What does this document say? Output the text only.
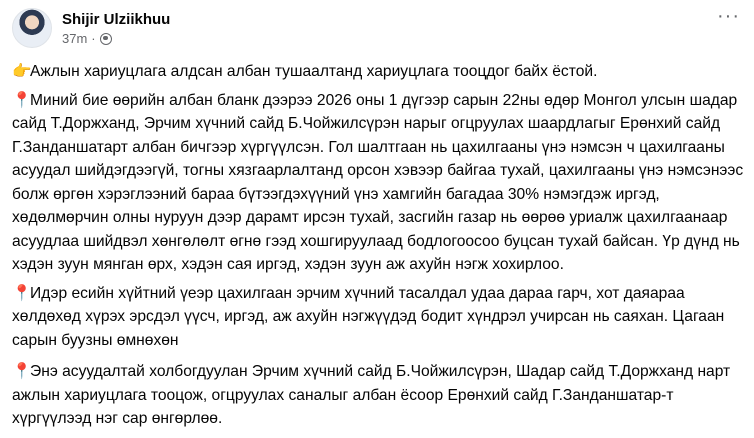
Shijir Ulziikhuu
37m ·
···

👉Ажлын хариуцлага алдсан албан тушаалтанд хариуцлага тооцдог байх ёстой.

📍Миний бие өөрийн албан бланк дээрээ 2026 оны 1 дүгээр сарын 22ны өдөр Монгол улсын шадар сайд Т.Доржханд, Эрчим хүчний сайд Б.Чойжилсүрэн нарыг огцруулах шаардлагыг Ерөнхий сайд Г.Занданшатарт албан бичгээр хүргүүлсэн. Гол шалтгаан нь цахилгааны үнэ нэмсэн ч цахилгааны асуудал шийдэгдээгүй, тогны хязгаарлалтанд орсон хэвээр байгаа тухай, цахилгааны үнэ нэмсэнээс болж өргөн хэрэглээний бараа бүтээгдэхүүний үнэ хамгийн багадаа 30% нэмэгдэж иргэд, хөдөлмөрчин олны нуруун дээр дарамт ирсэн тухай, засгийн газар нь өөрөө уриалж цахилгаанаар асуудлаа шийдвэл хөнгөлөлт өгнө гээд хошгируулаад бодлогоосоо буцсан тухай байсан. Үр дүнд нь хэдэн зуун мянган өрх, хэдэн сая иргэд, хэдэн зуун аж ахуйн нэгж хохирлоо.

📍Идэр есийн хүйтний үеэр цахилгаан эрчим хүчний тасалдал удаа дараа гарч, хот даяараа хөлдөхөд хүрэх эрсдэл үүсч, иргэд, аж ахуйн нэгжүүдэд бодит хүндрэл учирсан нь саяхан. Цагаан сарын буузны өмнөхөн

📍Энэ асуудалтай холбогдуулан Эрчим хүчний сайд Б.Чойжилсүрэн, Шадар сайд Т.Доржханд нарт ажлын хариуцлага тооцож, огцруулах саналыг албан ёсоор Ерөнхий сайд Г.Занданшатар-т хүргүүлээд нэг сар өнгөрлөө.
